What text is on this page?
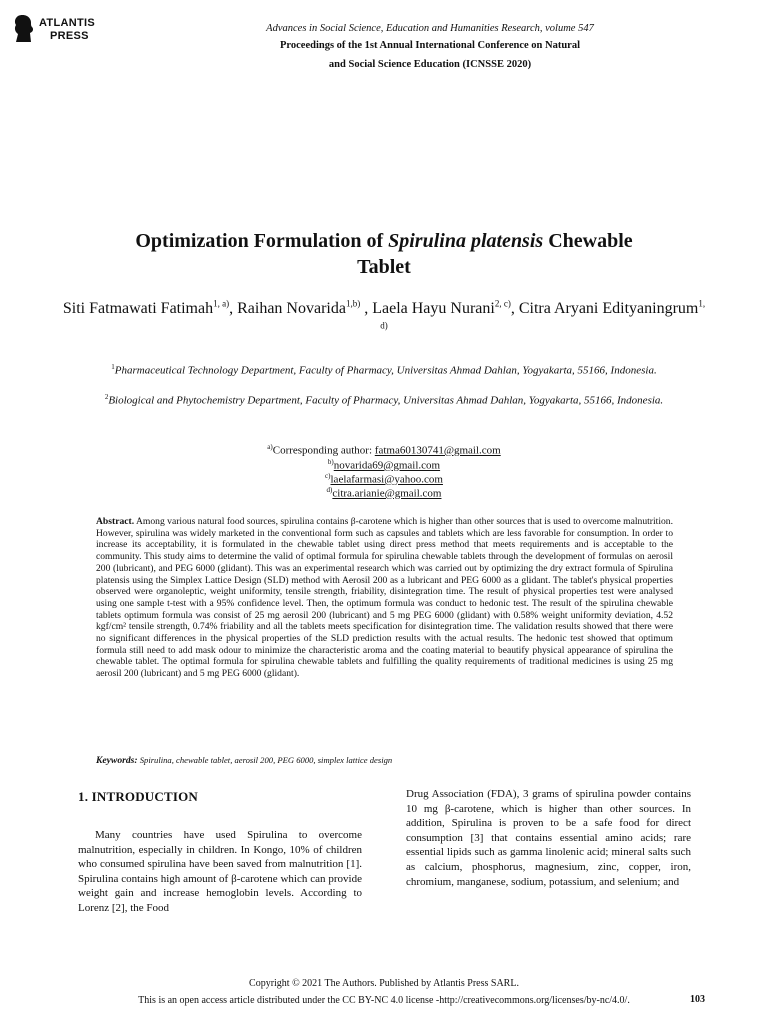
ATLANTIS
PRESS
Advances in Social Science, Education and Humanities Research, volume 547
Proceedings of the 1st Annual International Conference on Natural
and Social Science Education (ICNSSE 2020)
Optimization Formulation of Spirulina platensis Chewable
Tablet
Siti Fatmawati Fatimah$^{1, a)}$, Raihan Novarida$^{1,b)}$ , Laela Hayu Nurani$^{2, c)}$, Citra Aryani Edityaningrum$^{1, d)}$
$^1$Pharmaceutical Technology Department, Faculty of Pharmacy, Universitas Ahmad Dahlan, Yogyakarta, 55166, Indonesia.
$^2$Biological and Phytochemistry Department, Faculty of Pharmacy, Universitas Ahmad Dahlan, Yogyakarta, 55166, Indonesia.
$^{a)}$Corresponding author: fatma60130741@gmail.com
$^{b)}$novarida69@gmail.com
$^{c)}$laelafarmasi@yahoo.com
$^{d)}$citra.arianie@gmail.com
Abstract. Among various natural food sources, spirulina contains β-carotene which is higher than other sources that is used to overcome malnutrition. However, spirulina was widely marketed in the conventional form such as capsules and tablets which are less favorable for consumption. In order to increase its acceptability, it is formulated in the chewable tablet using direct press method that meets requirements and is acceptable to the community. This study aims to determine the valid of optimal formula for spirulina chewable tablets through the development of formulas on aerosil 200 (lubricant), and PEG 6000 (glidant). This was an experimental research which was carried out by optimizing the dry extract formula of Spirulina platensis using the Simplex Lattice Design (SLD) method with Aerosil 200 as a lubricant and PEG 6000 as a glidant. The tablet's physical properties observed were organoleptic, weight uniformity, tensile strength, friability, disintegration time. The result of physical properties test were analysed using one sample t-test with a 95% confidence level. Then, the optimum formula was conduct to hedonic test. The result of the spirulina chewable tablets optimum formula was consist of 25 mg aerosil 200 (lubricant) and 5 mg PEG 6000 (glidant) with 0.58% weight uniformity deviation, 4.52 kgf/cm² tensile strength, 0.74% friability and all the tablets meets specification for disintegration time. The validation results showed that there were no significant differences in the physical properties of the SLD prediction results with the actual results. The hedonic test showed that optimum formula still need to add mask odour to minimize the characteristic aroma and the coating material to beautify physical appearance of spirulina the chewable tablet. The optimal formula for spirulina chewable tablets and fulfilling the quality requirements of traditional medicines is using 25 mg aerosil 200 (lubricant) and 5 mg PEG 6000 (glidant).
Keywords: Spirulina, chewable tablet, aerosil 200, PEG 6000, simplex lattice design
1. INTRODUCTION
Many countries have used Spirulina to overcome malnutrition, especially in children. In Kongo, 10% of children who consumed spirulina have been saved from malnutrition [1]. Spirulina contains high amount of β-carotene which can provide weight gain and increase hemoglobin levels. According to Lorenz [2], the Food
Drug Association (FDA), 3 grams of spirulina powder contains 10 mg β-carotene, which is higher than other sources. In addition, Spirulina is proven to be a safe food for direct consumption [3] that contains essential amino acids; rare essential lipids such as gamma linolenic acid; mineral salts such as calcium, phosphorus, magnesium, zinc, copper, iron, chromium, manganese, sodium, potassium, and selenium; and
Copyright © 2021 The Authors. Published by Atlantis Press SARL.
This is an open access article distributed under the CC BY-NC 4.0 license -http://creativecommons.org/licenses/by-nc/4.0/.	103
